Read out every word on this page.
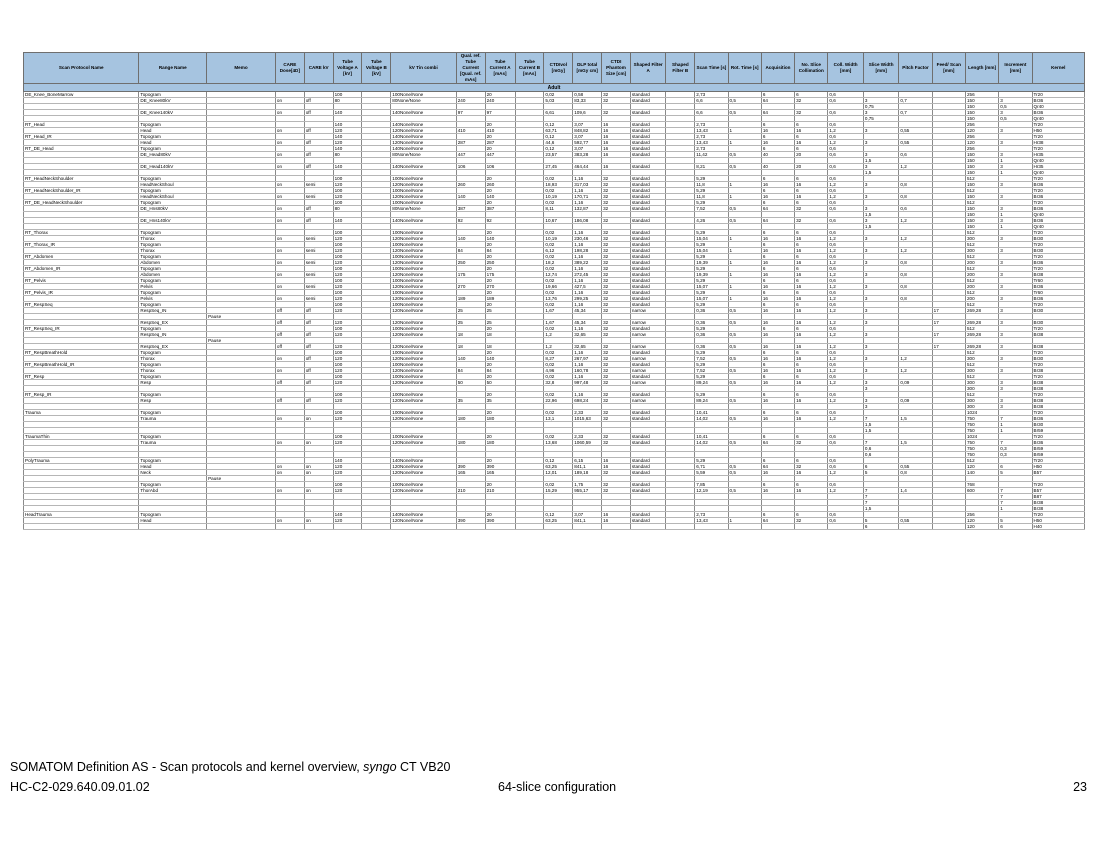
Scan Protocol Name	Range Name	Memo	CARE Dose[4D]	CARE kV	Tube Voltage A [kV]	Tube Voltage B [kV]	kV Tin combi	Qual. ref. Tube Current [Qual. ref. mAs]	Tube Current A [mAs]	Tube Current B [mAs]	CTDIvol [mGy]	DLP total [mGy cm]	CTDI Phantom Size [cm]	Shaped Filter A	Shaped Filter B	Scan Time [s]	Rot. Time [s]	Acquisition	No. Slice Collimation	Coll. Width [mm]	Slice Width [mm]	Pitch Factor	Feed/ Scan [mm]	Length [mm]	Increment [mm]	Kernel
Adult																										
DE_Knee_BoneMarrow	Topogram				100		100None/None		20		0,02	0,58	32	standard		2,73		6	6	0,6				256		Tr20
	DE_Knee80kV		on	off	80		80None/None	240	240		5,03	83,33	32	standard		6,6	0,5	64	32	0,6	3	0,7		150	3	Br36
																					0,75			150	0,5	Qr40
	DE_Knee140kV		on	off	140		140None/None	97	97		6,61	109,6	32	standard		6,6	0,5	64	32	0,6	3	0,7		150	3	Br36
																					0,75			150	0,5	Qr40
RT_Head	Topogram				140		140None/None		20		0,12	3,07	16	standard		2,73		6	6	0,6				256		Tr20
	Head		on	off	120		120None/None	410	410		63,71	848,82	16	standard		13,43	1	16	16	1,2	3	0,55		120	3	H50
RT_Head_IR	Topogram				140		140None/None		20		0,12	3,07	16	standard		2,73		6	6	0,6				256		Tr20
	Head		on	off	120		120None/None	287	287		44,6	592,77	16	standard		13,43	1	16	16	1,2	3	0,55		120	3	Hr38
RT_DE_Head	Topogram				140		140None/None		20		0,12	3,07	16	standard		2,73		6	6	0,6				256		Tr20
	DE_Head80kV		on	off	80		80None/None	447	447		23,57	383,28	16	standard		11,42	0,5	40	20	0,6	3	0,6		150	3	Hr35
																					1,5			150	1	Qr40
	DE_Head140kV		on	off	140		140None/None	106	106		27,45	464,44	16	standard		8,21	0,5	40	20	0,6	3	1,2		150	3	Hr35
																					1,5			150	1	Qr40
RT_HeadNeckShoulder	Topogram				100		100None/None		20		0,02	1,16	32	standard		5,29		6	6	0,6				512		Tr20
	HeadNeckShoul		on	semi	120		120None/None	260	260		18,93	317,03	32	standard		11,8	1	16	16	1,2	3	0,8		150	3	Br36
RT_HeadNeckShoulder_IR	Topogram				100		100None/None		20		0,02	1,16	32	standard		5,29		6	6	0,6				512		Tr20
	HeadNeckShoul		on	semi	120		120None/None	140	140		10,19	170,71	32	standard		11,8	1	16	16	1,2	3	0,8		150	3	Br36
RT_DE_HeadNeckShoulder	Topogram				100		100None/None		20		0,02	1,16	32	standard		5,29		6	6	0,6				512		Tr20
	DE_Hns80kV		on	off	80		80None/None	387	387		8,11	132,87	32	standard		7,52	0,5	64	32	0,6	3	0,6		150	3	Br36
																					1,5			150	1	Qr40
	DE_Hns140kV		on	off	140		140None/None	92	92		10,67	186,08	32	standard		4,26	0,5	64	32	0,6	3	1,2		150	3	Br36
																					1,5			150	1	Qr40
RT_Thorax	Topogram				100		100None/None		20		0,02	1,16	32	standard		5,29		6	6	0,6				512		Tr20
	Thorax		on	semi	120		120None/None	140	140		10,19	230,46	32	standard		15,04	1	16	16	1,2	3	1,2		300	3	Br30
RT_Thorax_IR	Topogram				100		100None/None		20		0,02	1,16	32	standard		5,29		6	6	0,6				512		Tr20
	Thorax		on	semi	120		120None/None	84	84		6,12	198,28	32	standard		15,04	1	16	16	1,2	3	1,2		300	3	Br30
RT_Abdomen	Topogram				100		100None/None		20		0,02	1,16	32	standard		5,29		6	6	0,6				512		Tr20
	Abdomen		on	semi	120		120None/None	250	250		18,2	389,22	32	standard		19,39	1	16	16	1,2	3	0,8		200	3	Br36
RT_Abdomen_IR	Topogram				100		100None/None		20		0,02	1,16	32	standard		5,29		6	6	0,6				512		Tr20
	Abdomen		on	semi	120		120None/None	175	175		12,74	272,45	32	standard		19,39	1	16	16	1,2	3	0,8		200	3	Br38
RT_Pelvis	Topogram				100		100None/None		20		0,02	1,16	32	standard		5,29		6	6	0,6				512		Tr60
	Pelvis		on	semi	120		120None/None	270	270		19,66	427,5	32	standard		15,07	1	16	16	1,2	3	0,8		200	3	Br36
RT_Pelvis_IR	Topogram				100		100None/None		20		0,02	1,16	32	standard		5,29		6	6	0,6				512		Tr60
	Pelvis		on	semi	120		120None/None	189	189		13,76	299,25	32	standard		15,07	1	16	16	1,2	3	0,8		200	3	Br36
RT_RespSeq	Topogram				100		100None/None		20		0,02	1,16	32	standard		5,29		6	6	0,6				512		Tr20
	RespSeq_IN		off	off	120		120None/None	25	25		1,67	45,34	32	narrow		0,36	0,5	16	16	1,2	3		17	269,28	3	Br30
		Pause																								
	RespSeq_EX		off	off	120		120None/None	25	25		1,67	45,34	32	narrow		0,36	0,5	16	16	1,2	3		17	269,28	3	Br30
RT_RespSeq_IR	Topogram				100		100None/None		20		0,02	1,16	32	standard		5,29		6	6	0,6				512		Tr20
	RespSeq_IN		off	off	120		120None/None	18	18		1,2	32,65	32	narrow		0,36	0,5	16	16	1,2	3		17	269,28	3	Br38
		Pause																								
	RespSeq_EX		off	off	120		120None/None	18	18		1,2	32,65	32	narrow		0,36	0,5	16	16	1,2	3		17	269,28	3	Br38
RT_RespBreathHold	Topogram				100		100None/None		20		0,02	1,16	32	standard		5,29		6	6	0,6				512		Tr20
	Thorax		on	off	120		120None/None	140	140		8,27	267,97	32	narrow		7,52	0,5	16	16	1,2	3	1,2		300	3	Br30
RT_RespBreathHold_IR	Topogram				100		100None/None		20		0,02	1,16	32	standard		5,29		6	6	0,6				512		Tr20
	Thorax		on	off	120		120None/None	84	84		4,96	160,78	32	narrow		7,52	0,5	16	16	1,2	3	1,2		300	3	Br38
RT_Resp	Topogram				100		100None/None		20		0,02	1,16	32	standard		5,29		6	6	0,6				512		Tr20
	Resp		off	off	120		120None/None	50	50		32,8	997,48	32	narrow		89,24	0,5	16	16	1,2	3	0,09		300	3	Br38
																					3			300	3	Br38
RT_Resp_IR	Topogram				100		100None/None		20		0,02	1,16	32	standard		5,29		6	6	0,6				512		Tr20
	Resp		off	off	120		120None/None	35	35		22,96	698,24	32	narrow		89,24	0,5	16	16	1,2	3	0,09		300	3	Br38
																					3			300	3	Br38
Trauma	Topogram				100		100None/None		20		0,02	2,33	32	standard		10,41		6	6	0,6				1024		Tr20
	Trauma		on	on	120		120None/None	180	180		13,1	1015,63	32	standard		14,02	0,5	16	16	1,2	7	1,5		750	7	Br36
																					1,5			750	1	Br30
																					1,5			750	1	Br59
TraumaThin	Topogram				100		100None/None		20		0,02	2,33	32	standard		10,41		6	6	0,6				1024		Tr20
	Trauma		on	on	120		120None/None	180	180		13,68	1060,59	32	standard		14,02	0,5	64	32	0,6	7	1,5		750	7	Br36
																					0,6			750	0,3	Br59
																					0,6			750	0,3	Br59
PolyTrauma	Topogram				140		140None/None		20		0,12	6,15	16	standard		5,29		6	6	0,6				512		Tr20
	Head		on	on	120		120None/None	390	390		63,25	841,1	16	standard		6,71	0,5	64	32	0,6	6	0,55		120	6	H50
	Neck		on	on	120		120None/None	165	165		12,01	189,18	32	standard		5,59	0,5	16	16	1,2	5	0,8		140	5	B57
		Pause																								
	Topogram				100		100None/None		20		0,02	1,75	32	standard		7,85		6	6	0,6				768		Tr20
	ThorAbd		on	on	120		120None/None	210	210		15,29	955,17	32	standard		12,19	0,5	16	16	1,2	7	1,4		600	7	B57
																					7				7	B87
																					7				7	Br38
																					1,5				1	Br38
HeadTrauma	Topogram				140		140None/None		20		0,12	3,07	16	standard		2,73		6	6	0,6				256		Tr20
	Head		on	on	120		120None/None	390	390		63,25	841,1	16	standard		13,43	1	64	32	0,6	5	0,55		120	5	H50
																					6			120	6	H40
SOMATOM Definition AS - Scan protocols and kernel overview, syngo CT VB20
HC-C2-029.640.09.01.02	64-slice configuration	23
